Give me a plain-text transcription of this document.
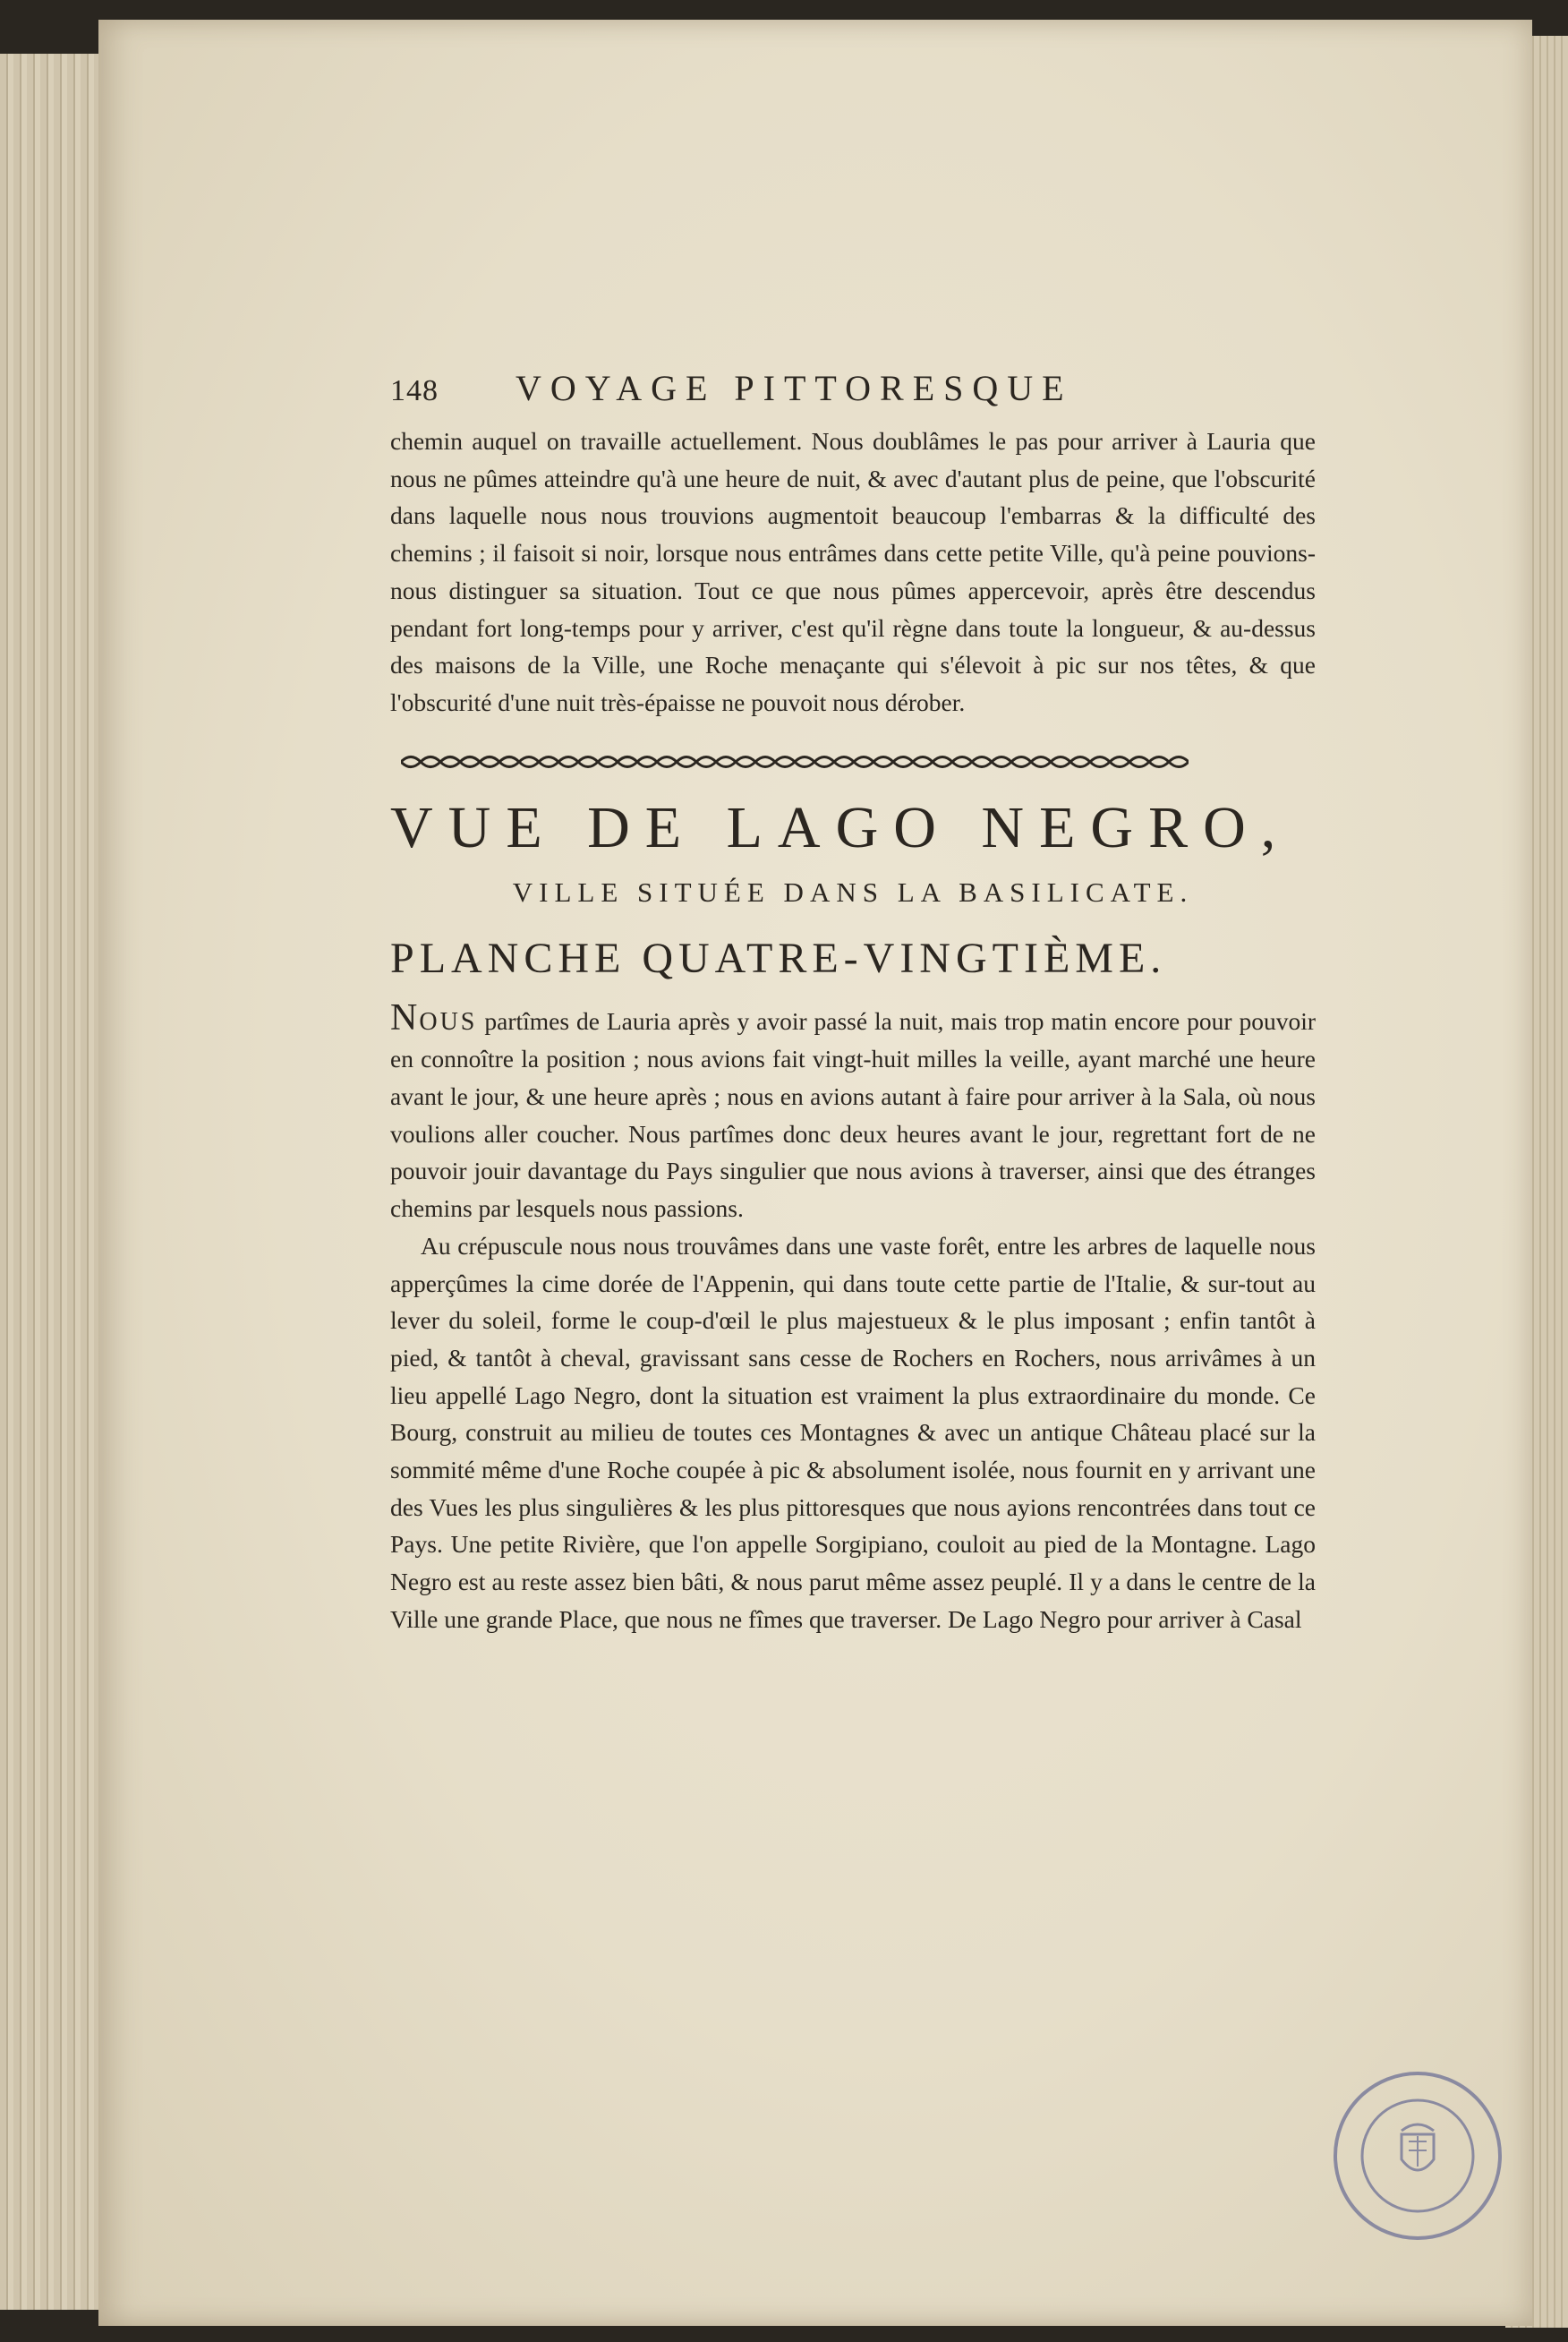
148	VOYAGE PITTORESQUE

chemin auquel on travaille actuellement. Nous doublâmes le pas pour arriver à Lauria que nous ne pûmes atteindre qu'à une heure de nuit, & avec d'autant plus de peine, que l'obscurité dans laquelle nous nous trouvions augmentoit beaucoup l'embarras & la difficulté des chemins ; il faisoit si noir, lorsque nous entrâmes dans cette petite Ville, qu'à peine pouvions-nous distinguer sa situation. Tout ce que nous pûmes appercevoir, après être descendus pendant fort long-temps pour y arriver, c'est qu'il règne dans toute la longueur, & au-dessus des maisons de la Ville, une Roche menaçante qui s'élevoit à pic sur nos têtes, & que l'obscurité d'une nuit très-épaisse ne pouvoit nous dérober.

VUE DE LAGO NEGRO,
VILLE SITUÉE DANS LA BASILICATE.
PLANCHE QUATRE-VINGTIÈME.

NOUS partîmes de Lauria après y avoir passé la nuit, mais trop matin encore pour pouvoir en connoître la position ; nous avions fait vingt-huit milles la veille, ayant marché une heure avant le jour, & une heure après ; nous en avions autant à faire pour arriver à la Sala, où nous voulions aller coucher. Nous partîmes donc deux heures avant le jour, regrettant fort de ne pouvoir jouir davantage du Pays singulier que nous avions à traverser, ainsi que des étranges chemins par lesquels nous passions.

Au crépuscule nous nous trouvâmes dans une vaste forêt, entre les arbres de laquelle nous apperçûmes la cime dorée de l'Appenin, qui dans toute cette partie de l'Italie, & sur-tout au lever du soleil, forme le coup-d'œil le plus majestueux & le plus imposant ; enfin tantôt à pied, & tantôt à cheval, gravissant sans cesse de Rochers en Rochers, nous arrivâmes à un lieu appellé Lago Negro, dont la situation est vraiment la plus extraordinaire du monde. Ce Bourg, construit au milieu de toutes ces Montagnes & avec un antique Château placé sur la sommité même d'une Roche coupée à pic & absolument isolée, nous fournit en y arrivant une des Vues les plus singulières & les plus pittoresques que nous ayions rencontrées dans tout ce Pays. Une petite Rivière, que l'on appelle Sorgipiano, couloit au pied de la Montagne. Lago Negro est au reste assez bien bâti, & nous parut même assez peuplé. Il y a dans le centre de la Ville une grande Place, que nous ne fîmes que traverser. De Lago Negro pour arriver à Casal
